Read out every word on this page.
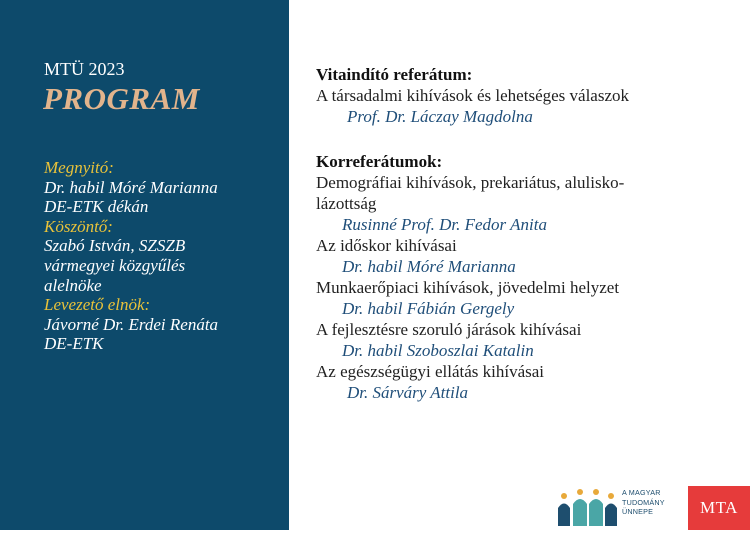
MTÜ 2023
PROGRAM
Megnyitó:
Dr. habil Móré Marianna
DE-ETK dékán
Köszöntő:
Szabó István, SZSZB
vármegyei közgyűlés
alelnöke
Levezető elnök:
Jávorné Dr. Erdei Renáta
DE-ETK
Vitaindító referátum:
A társadalmi kihívások és lehetséges válaszok
Prof. Dr. Láczay Magdolna
Korreferátumok:
Demográfiai kihívások, prekariátus, alulisko-
lázottság
Rusinné Prof. Dr. Fedor Anita
Az időskor kihívásai
Dr. habil Móré Marianna
Munkaerőpiaci kihívások, jövedelmi helyzet
Dr. habil Fábián Gergely
A fejlesztésre szoruló járások kihívásai
Dr. habil Szoboszlai Katalin
Az egészségügyi ellátás kihívásai
Dr. Sárváry Attila
A MAGYAR
TUDOMÁNY
ÜNNEPE	MTA
